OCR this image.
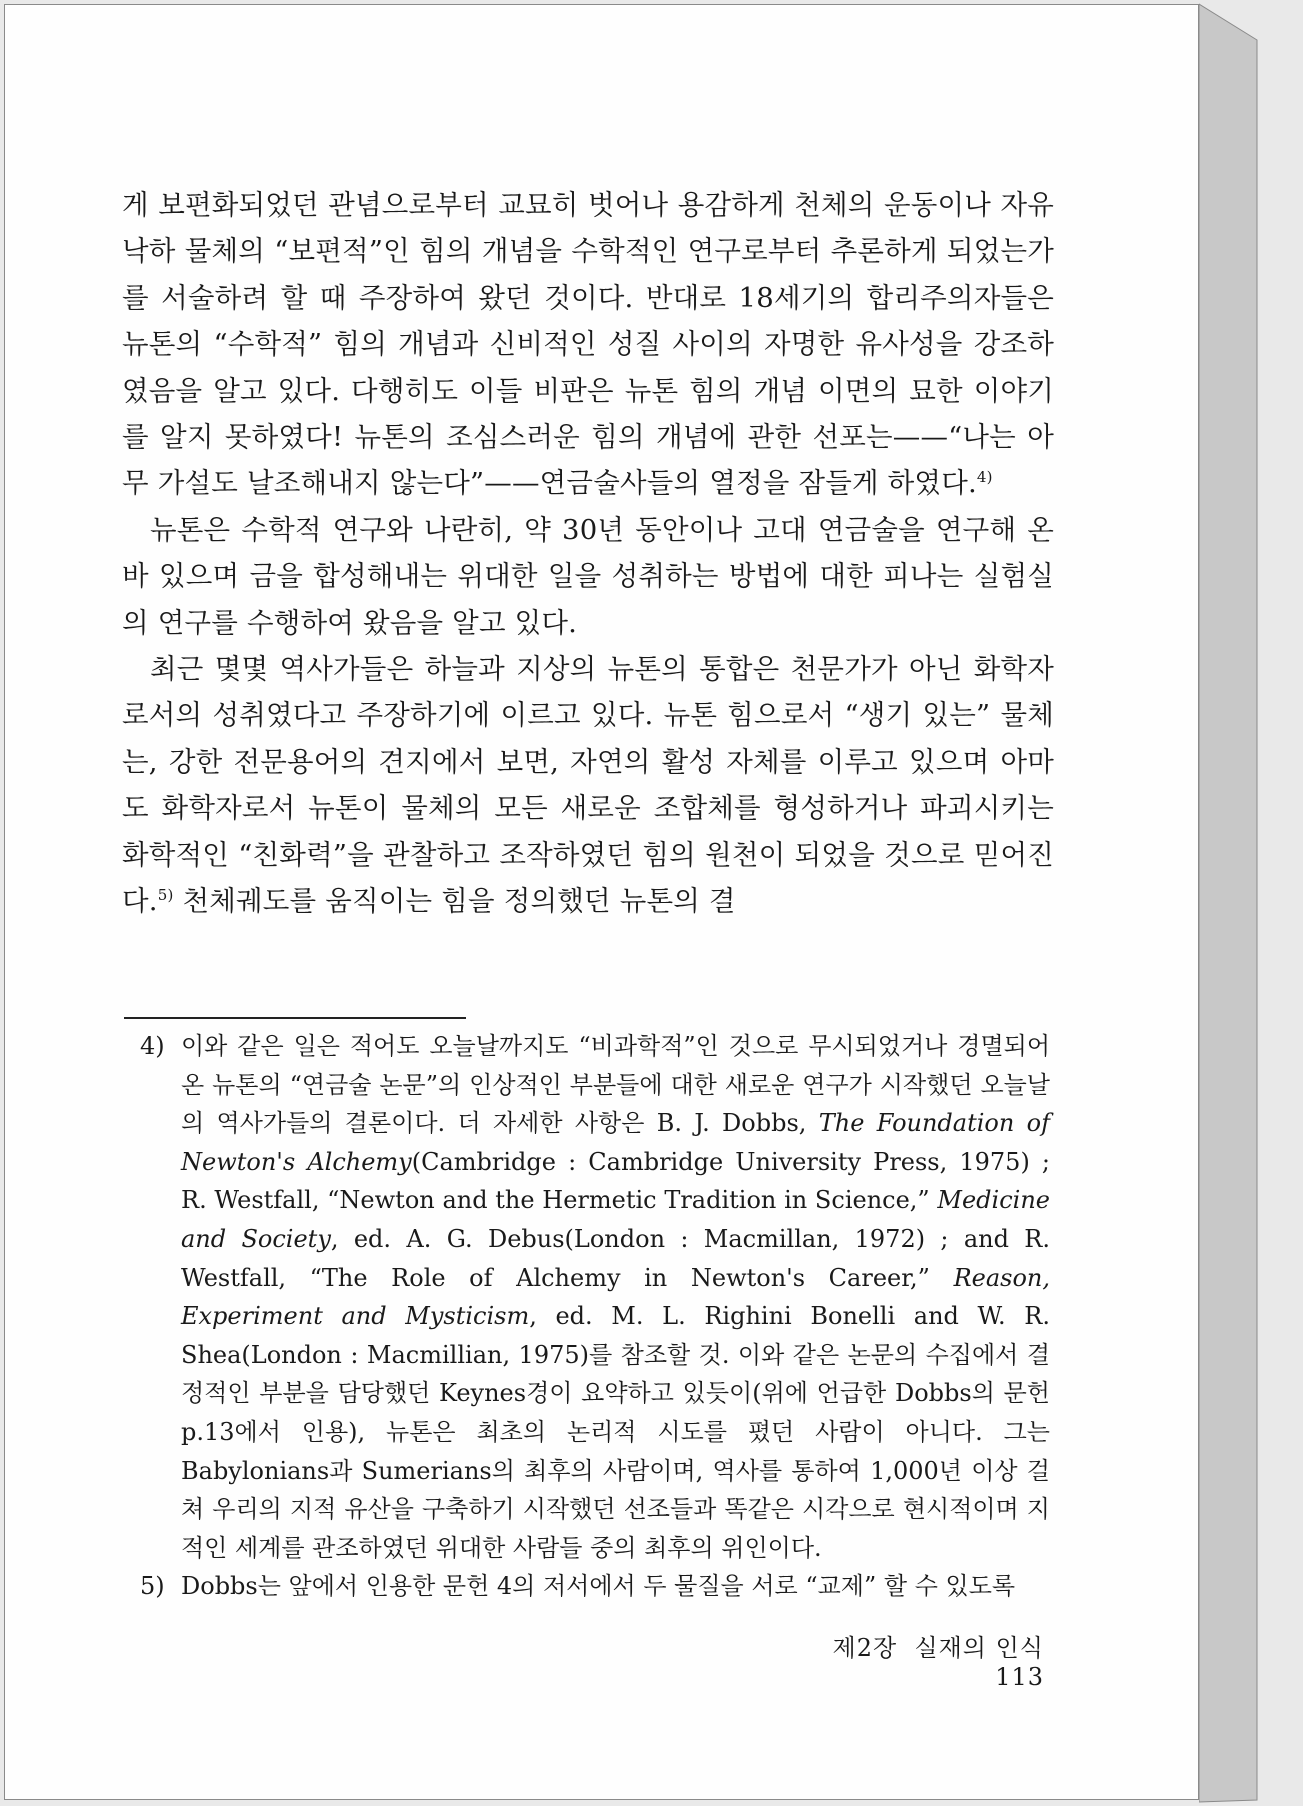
게 보편화되었던 관념으로부터 교묘히 벗어나 용감하게 천체의 운동이나 자유낙하 물체의 “보편적”인 힘의 개념을 수학적인 연구로부터 추론하게 되었는가를 서술하려 할 때 주장하여 왔던 것이다. 반대로 18세기의 합리주의자들은 뉴톤의 “수학적” 힘의 개념과 신비적인 성질 사이의 자명한 유사성을 강조하였음을 알고 있다. 다행히도 이들 비판은 뉴톤 힘의 개념 이면의 묘한 이야기를 알지 못하였다! 뉴톤의 조심스러운 힘의 개념에 관한 선포는——“나는 아무 가설도 날조해내지 않는다”——연금술사들의 열정을 잠들게 하였다.$^{4)}$

뉴톤은 수학적 연구와 나란히, 약 30년 동안이나 고대 연금술을 연구해 온 바 있으며 금을 합성해내는 위대한 일을 성취하는 방법에 대한 피나는 실험실의 연구를 수행하여 왔음을 알고 있다.

최근 몇몇 역사가들은 하늘과 지상의 뉴톤의 통합은 천문가가 아닌 화학자로서의 성취였다고 주장하기에 이르고 있다. 뉴톤 힘으로서 “생기 있는” 물체는, 강한 전문용어의 견지에서 보면, 자연의 활성 자체를 이루고 있으며 아마도 화학자로서 뉴톤이 물체의 모든 새로운 조합체를 형성하거나 파괴시키는 화학적인 “친화력”을 관찰하고 조작하였던 힘의 원천이 되었을 것으로 믿어진다.$^{5)}$ 천체궤도를 움직이는 힘을 정의했던 뉴톤의 결

4) 이와 같은 일은 적어도 오늘날까지도 “비과학적”인 것으로 무시되었거나 경멸되어온 뉴톤의 “연금술 논문”의 인상적인 부분들에 대한 새로운 연구가 시작했던 오늘날의 역사가들의 결론이다. 더 자세한 사항은 B. J. Dobbs, The Foundation of Newton's Alchemy(Cambridge : Cambridge University Press, 1975) ; R. Westfall, “Newton and the Hermetic Tradition in Science,” Medicine and Society, ed. A. G. Debus(London : Macmillan, 1972) ; and R. Westfall, “The Role of Alchemy in Newton's Career,” Reason, Experiment and Mysticism, ed. M. L. Righini Bonelli and W. R. Shea(London : Macmillian, 1975)를 참조할 것. 이와 같은 논문의 수집에서 결정적인 부분을 담당했던 Keynes경이 요약하고 있듯이(위에 언급한 Dobbs의 문헌 p.13에서 인용), 뉴톤은 최초의 논리적 시도를 폈던 사람이 아니다. 그는 Babylonians과 Sumerians의 최후의 사람이며, 역사를 통하여 1,000년 이상 걸쳐 우리의 지적 유산을 구축하기 시작했던 선조들과 똑같은 시각으로 현시적이며 지적인 세계를 관조하였던 위대한 사람들 중의 최후의 위인이다.

5) Dobbs는 앞에서 인용한 문헌 4의 저서에서 두 물질을 서로 “교제” 할 수 있도록

제2장  실재의 인식 113
